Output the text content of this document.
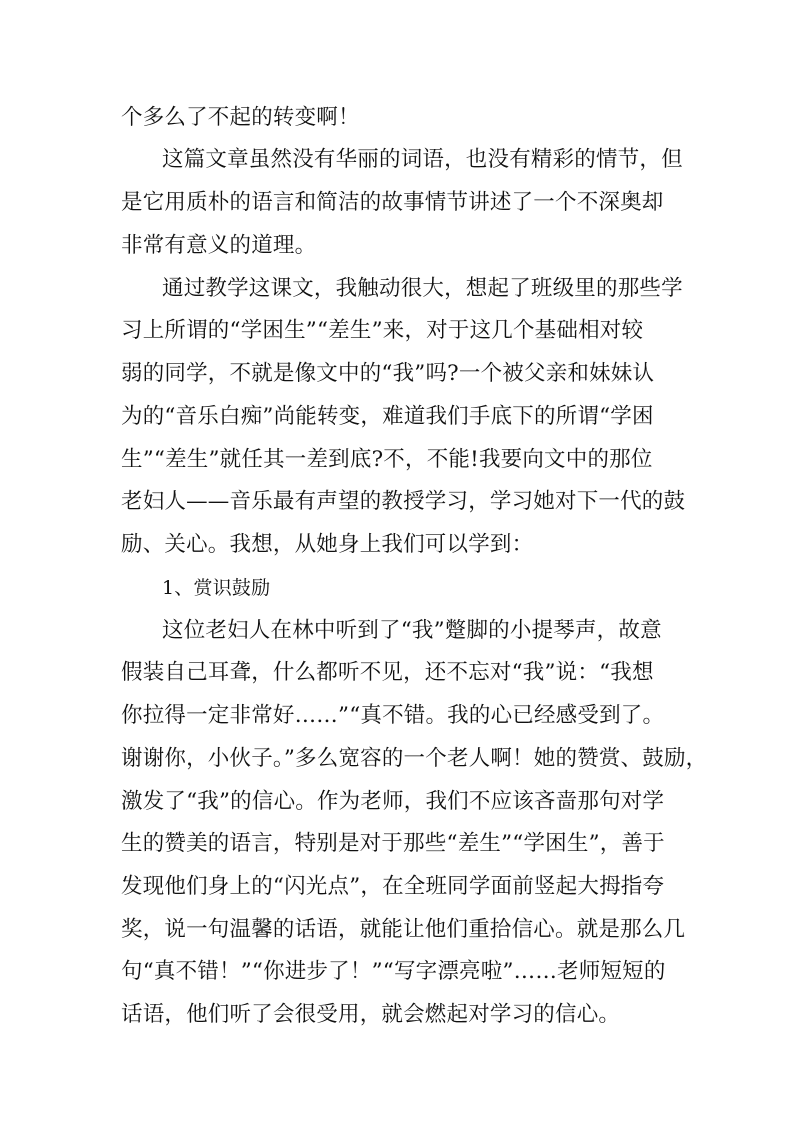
个多么了不起的转变啊！
这篇文章虽然没有华丽的词语，也没有精彩的情节，但
是它用质朴的语言和简洁的故事情节讲述了一个不深奥却
非常有意义的道理。
通过教学这课文，我触动很大，想起了班级里的那些学
习上所谓的“学困生”“差生”来，对于这几个基础相对较
弱的同学，不就是像文中的“我”吗?一个被父亲和妹妹认
为的“音乐白痴”尚能转变，难道我们手底下的所谓“学困
生”“差生”就任其一差到底?不，不能!我要向文中的那位
老妇人——音乐最有声望的教授学习，学习她对下一代的鼓
励、关心。我想，从她身上我们可以学到：
1、赏识鼓励
这位老妇人在林中听到了“我”蹩脚的小提琴声，故意
假装自己耳聋，什么都听不见，还不忘对“我”说：“我想
你拉得一定非常好……”“真不错。我的心已经感受到了。
谢谢你，小伙子。”多么宽容的一个老人啊！她的赞赏、鼓励，
激发了“我”的信心。作为老师，我们不应该吝啬那句对学
生的赞美的语言，特别是对于那些“差生”“学困生”，善于
发现他们身上的“闪光点”，在全班同学面前竖起大拇指夸
奖，说一句温馨的话语，就能让他们重拾信心。就是那么几
句“真不错！”“你进步了！”“写字漂亮啦”……老师短短的
话语，他们听了会很受用，就会燃起对学习的信心。
